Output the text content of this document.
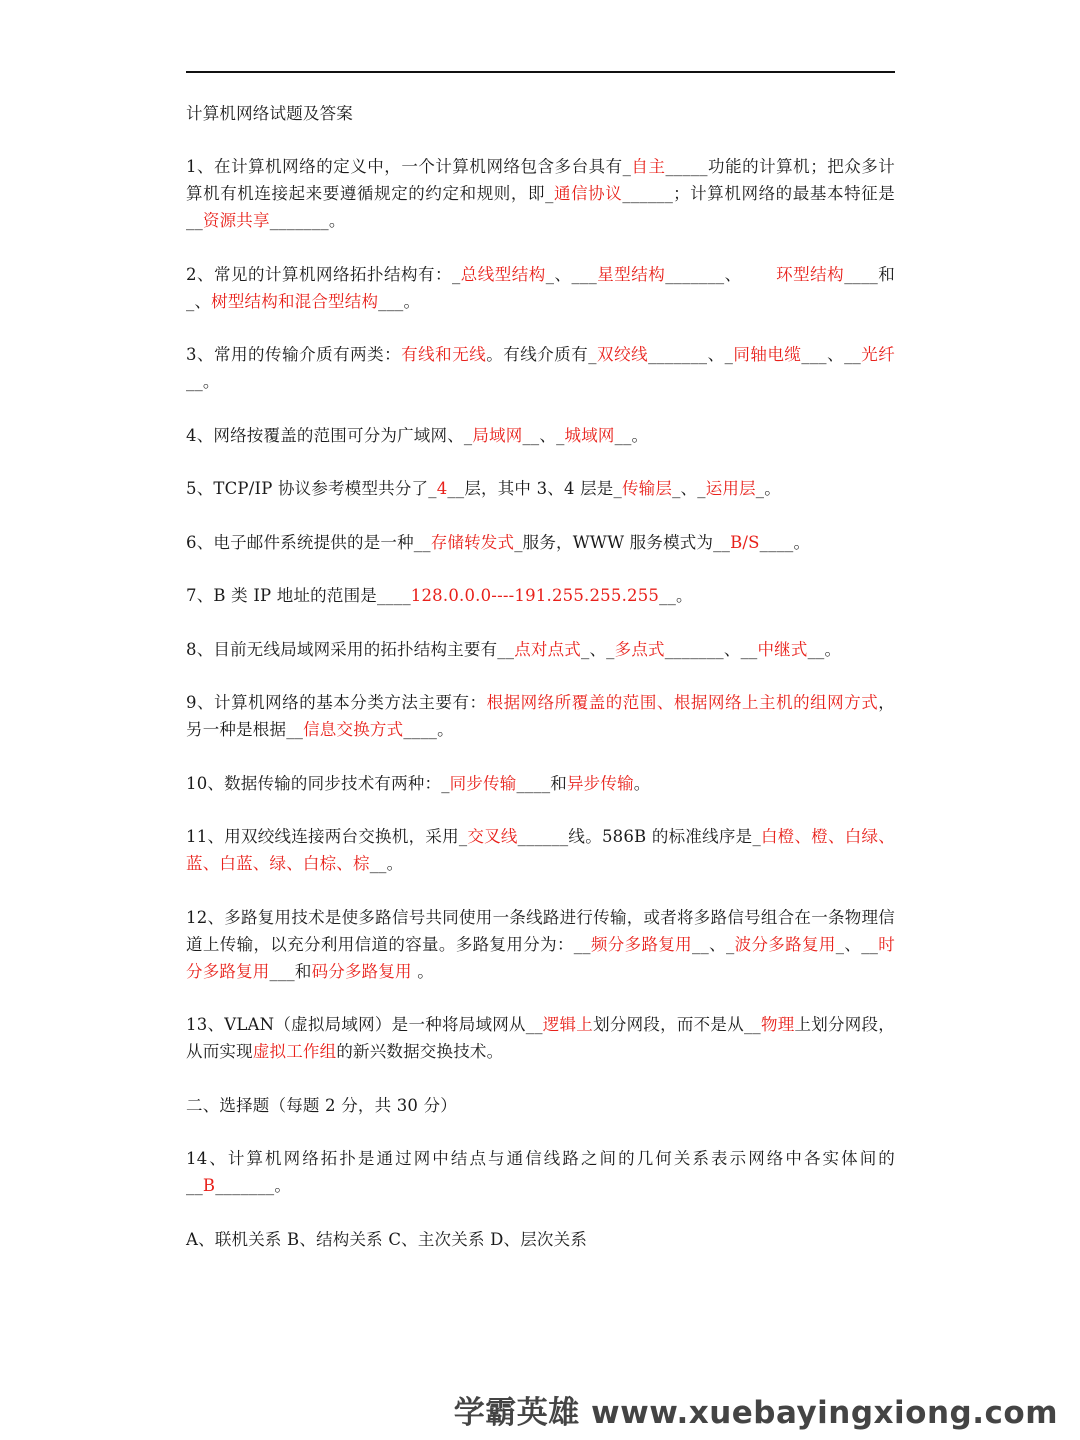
计算机网络试题及答案

1、在计算机网络的定义中，一个计算机网络包含多台具有_自主_____功能的计算机；把众多计算机有机连接起来要遵循规定的约定和规则，即_通信协议______；计算机网络的最基本特征是__资源共享_______。

2、常见的计算机网络拓扑结构有：_总线型结构_、___星型结构_______、 环型结构____和_、树型结构和混合型结构___。

3、常用的传输介质有两类：有线和无线。有线介质有_双绞线_______、_同轴电缆___、__光纤__。

4、网络按覆盖的范围可分为广域网、_局域网__、_城域网__。

5、TCP/IP 协议参考模型共分了_4__层，其中 3、4 层是_传输层_、_运用层_。

6、电子邮件系统提供的是一种__存储转发式_服务，WWW 服务模式为__B/S____。

7、B 类 IP 地址的范围是____128.0.0.0----191.255.255.255__。

8、目前无线局域网采用的拓扑结构主要有__点对点式_、_多点式_______、__中继式__。

9、计算机网络的基本分类方法主要有：根据网络所覆盖的范围、根据网络上主机的组网方式，另一种是根据__信息交换方式____。

10、数据传输的同步技术有两种：_同步传输____和异步传输。

11、用双绞线连接两台交换机，采用_交叉线______线。586B 的标准线序是_白橙、橙、白绿、蓝、白蓝、绿、白棕、棕__。

12、多路复用技术是使多路信号共同使用一条线路进行传输，或者将多路信号组合在一条物理信道上传输，以充分利用信道的容量。多路复用分为：__频分多路复用__、_波分多路复用_、__时分多路复用___和码分多路复用 。

13、VLAN（虚拟局域网）是一种将局域网从__逻辑上划分网段，而不是从__物理上划分网段，从而实现虚拟工作组的新兴数据交换技术。

二、选择题（每题 2 分，共 30 分）

14、计算机网络拓扑是通过网中结点与通信线路之间的几何关系表示网络中各实体间的__B_______。

A、联机关系 B、结构关系 C、主次关系 D、层次关系

学霸英雄 www.xuebayingxiong.com
